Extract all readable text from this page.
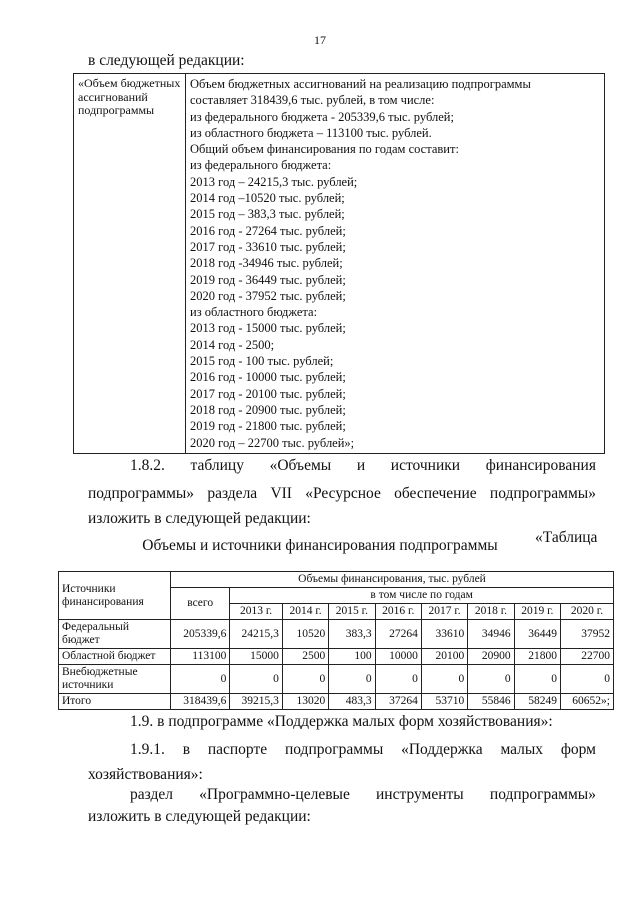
17
в следующей редакции:
«Объем бюджетных ассигнований подпрограммы	
Объем бюджетных ассигнований на реализацию подпрограммы
составляет 318439,6 тыс. рублей, в том числе:
из федерального бюджета - 205339,6 тыс. рублей;
из областного бюджета – 113100 тыс. рублей.
Общий объем финансирования по годам составит:
из федерального бюджета:
2013 год – 24215,3 тыс. рублей;
2014 год –10520 тыс. рублей;
2015 год – 383,3 тыс. рублей;
2016 год - 27264 тыс. рублей;
2017 год - 33610 тыс. рублей;
2018 год -34946 тыс. рублей;
2019 год - 36449 тыс. рублей;
2020 год - 37952 тыс. рублей;
из областного бюджета:
2013 год - 15000 тыс. рублей;
2014 год - 2500;
2015 год - 100 тыс. рублей;
2016 год - 10000 тыс. рублей;
2017 год - 20100 тыс. рублей;
2018 год - 20900 тыс. рублей;
2019 год - 21800 тыс. рублей;
2020 год – 22700 тыс. рублей»;
1.8.2. таблицу «Объемы и источники финансирования
подпрограммы» раздела VII «Ресурсное обеспечение подпрограммы»
изложить в следующей редакции:
«Таблица
Объемы и источники финансирования подпрограммы
Источники финансирования	Объемы финансирования, тыс. рублей								
	всего	в том числе по годам							
		2013 г.	2014 г.	2015 г.	2016 г.	2017 г.	2018 г.	2019 г.	2020 г.
Федеральный бюджет	205339,6	24215,3	10520	383,3	27264	33610	34946	36449	37952
Областной бюджет	113100	15000	2500	100	10000	20100	20900	21800	22700
Внебюджетные источники	0	0	0	0	0	0	0	0	0
Итого	318439,6	39215,3	13020	483,3	37264	53710	55846	58249	60652»;
1.9. в подпрограмме «Поддержка малых форм хозяйствования»:
1.9.1. в паспорте подпрограммы «Поддержка малых форм
хозяйствования»:
раздел «Программно-целевые инструменты подпрограммы»
изложить в следующей редакции:
